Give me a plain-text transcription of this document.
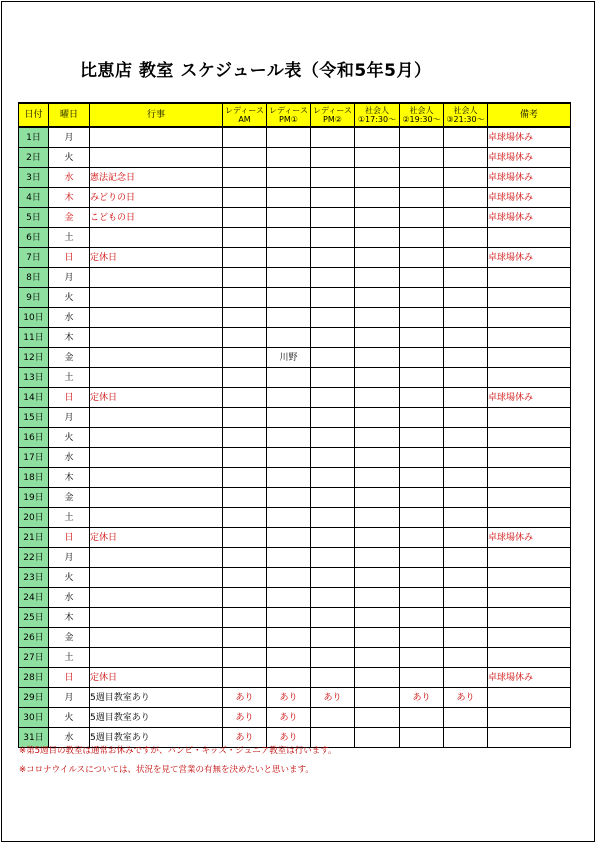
比恵店 教室 スケジュール表（令和5年5月）
日付	曜日	行事	レディースAM	レディースPM①	レディースPM②	社会人①17:30～	社会人②19:30～	社会人③21:30～	備考
1日	月								卓球場休み
2日	火								卓球場休み
3日	水	憲法記念日							卓球場休み
4日	木	みどりの日							卓球場休み
5日	金	こどもの日							卓球場休み
6日	土								
7日	日	定休日							卓球場休み
8日	月								
9日	火								
10日	水								
11日	木								
12日	金			川野					
13日	土								
14日	日	定休日							卓球場休み
15日	月								
16日	火								
17日	水								
18日	木								
19日	金								
20日	土								
21日	日	定休日							卓球場休み
22日	月								
23日	火								
24日	水								
25日	木								
26日	金								
27日	土								
28日	日	定休日							卓球場休み
29日	月	5週目教室あり	あり	あり	あり		あり	あり	
30日	火	5週目教室あり	あり	あり					
31日	水	5週目教室あり	あり	あり					
※第5週目の教室は通常お休みですが、バンビ・キッズ・ジュニア教室は行います。
※コロナウイルスについては、状況を見て営業の有無を決めたいと思います。
